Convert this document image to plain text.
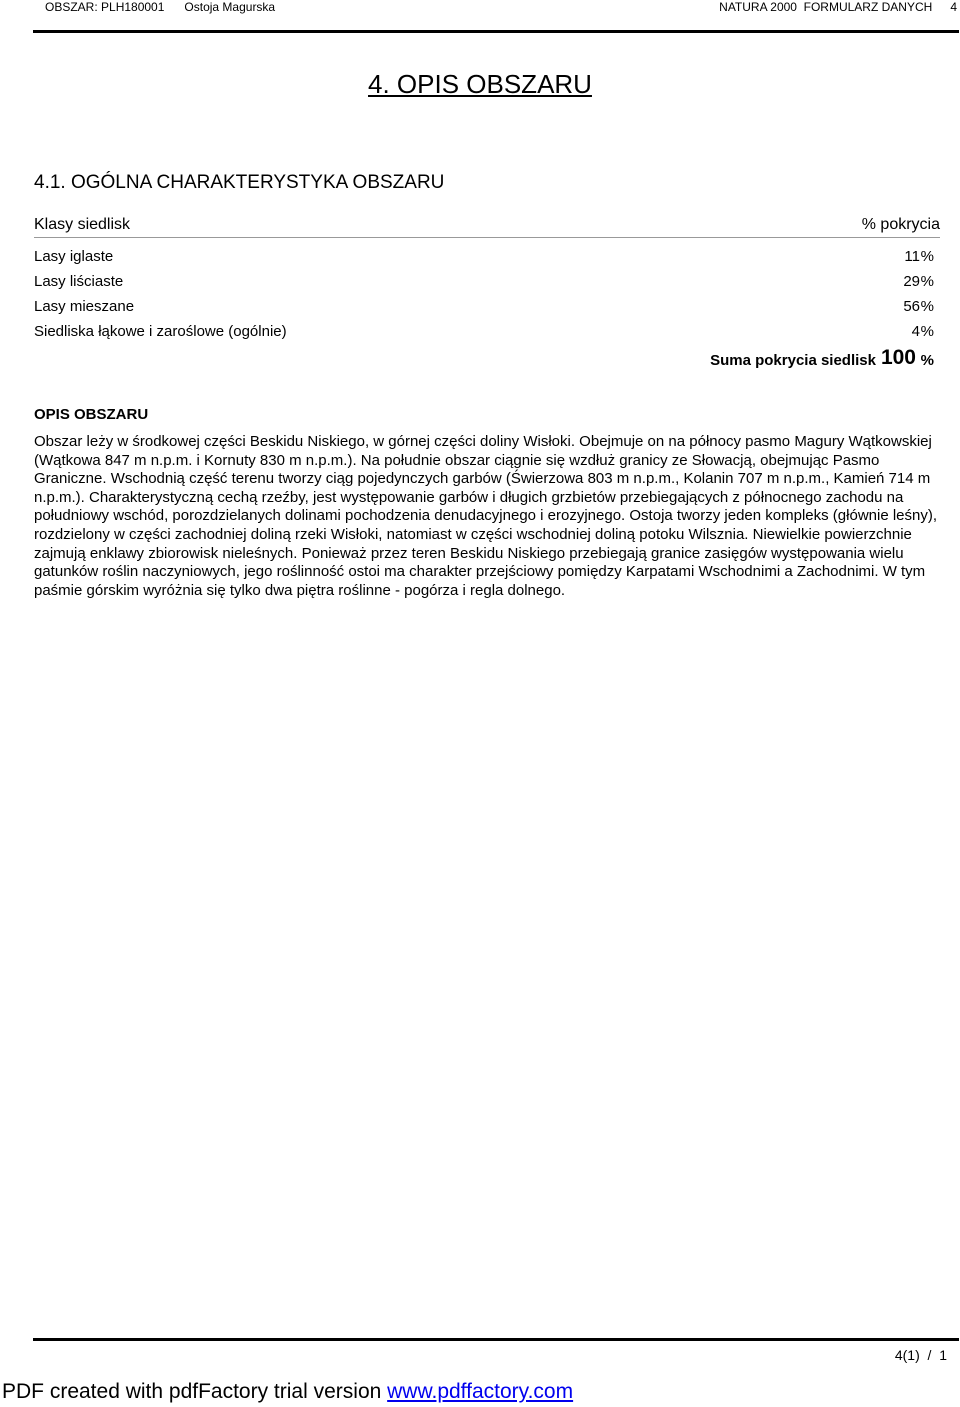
OBSZAR: PLH180001 Ostoja Magurska	NATURA 2000  FORMULARZ DANYCH 4
4. OPIS OBSZARU
4.1. OGÓLNA CHARAKTERYSTYKA OBSZARU
Klasy siedlisk	% pokrycia
Lasy iglaste	11 %
Lasy liściaste	29 %
Lasy mieszane	56 %
Siedliska łąkowe i zaroślowe (ogólnie)	4 %
Suma pokrycia siedlisk 100 %
OPIS OBSZARU
Obszar leży w środkowej części Beskidu Niskiego, w górnej części doliny Wisłoki. Obejmuje on na północy pasmo Magury Wątkowskiej (Wątkowa 847 m n.p.m. i Kornuty 830 m n.p.m.). Na południe obszar ciągnie się wzdłuż granicy ze Słowacją, obejmując Pasmo Graniczne. Wschodnią część terenu tworzy ciąg pojedynczych garbów (Świerzowa 803 m n.p.m., Kolanin 707 m n.p.m., Kamień 714 m n.p.m.). Charakterystyczną cechą rzeźby, jest występowanie garbów i długich grzbietów przebiegających z północnego zachodu na południowy wschód, porozdzielanych dolinami pochodzenia denudacyjnego i erozyjnego. Ostoja tworzy jeden kompleks (głównie leśny), rozdzielony w części zachodniej doliną rzeki Wisłoki, natomiast w części wschodniej doliną potoku Wilsznia. Niewielkie powierzchnie zajmują enklawy zbiorowisk nieleśnych. Ponieważ przez teren Beskidu Niskiego przebiegają granice zasięgów występowania wielu gatunków roślin naczyniowych, jego roślinność ostoi ma charakter przejściowy pomiędzy Karpatami Wschodnimi a Zachodnimi. W tym paśmie górskim wyróżnia się tylko dwa piętra roślinne - pogórza i regla dolnego.
4(1)  /  1
PDF created with pdfFactory trial version www.pdffactory.com
